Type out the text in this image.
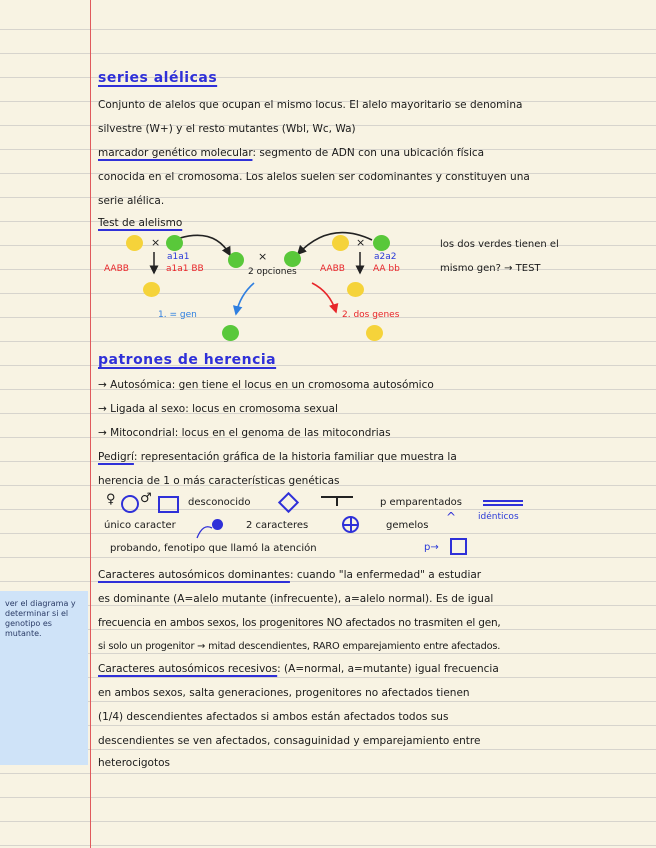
ver el diagrama y determinar si el genotipo es mutante.
series alélicas
Conjunto de alelos que ocupan el mismo locus. El alelo mayoritario se denomina
silvestre (W+) y el resto mutantes (Wbl, Wc, Wa)
marcador genético molecular: segmento de ADN con una ubicación física
conocida en el cromosoma. Los alelos suelen ser codominantes y constituyen una
serie alélica.
Test de alelismo
×
a1a1
AABB	a1a1 BB
×
2 opciones
×
a2a2
AABB	AA bb
1. = gen	2. dos genes
los dos verdes tienen el
mismo gen? → TEST
patrones de herencia
→ Autosómica: gen tiene el locus en un cromosoma autosómico
→ Ligada al sexo: locus en cromosoma sexual
→ Mitocondrial: locus en el genoma de las mitocondrias
Pedigrí: representación gráfica de la historia familiar que muestra la
herencia de 1 o más características genéticas
♀ ♂	desconocido	p emparentados
único caracter	2 caracteres	gemelos
^ idénticos
probando, fenotipo que llamó la atención	p→
Caracteres autosómicos dominantes: cuando "la enfermedad" a estudiar
es dominante (A=alelo mutante (infrecuente), a=alelo normal). Es de igual
frecuencia en ambos sexos, los progenitores NO afectados no trasmiten el gen,
si solo un progenitor → mitad descendientes, RARO emparejamiento entre afectados.
Caracteres autosómicos recesivos: (A=normal, a=mutante) igual frecuencia
en ambos sexos, salta generaciones, progenitores no afectados tienen
(1/4) descendientes afectados si ambos están afectados todos sus
descendientes se ven afectados, consaguinidad y emparejamiento entre
heterocigotos
